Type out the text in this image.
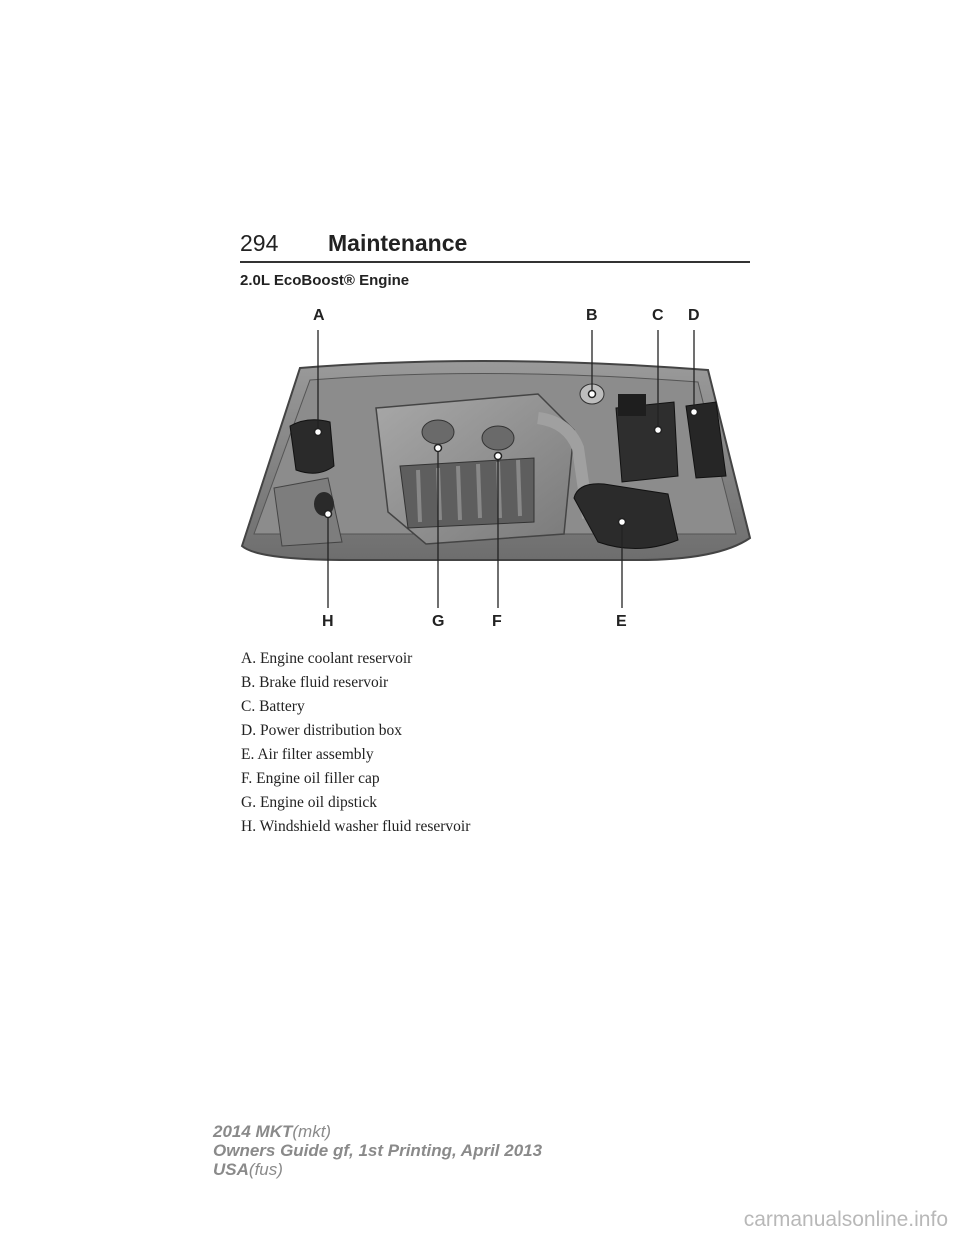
294 Maintenance
2.0L EcoBoost® Engine
A	B	C D
H	G	F	E
A. Engine coolant reservoir
B. Brake fluid reservoir
C. Battery
D. Power distribution box
E. Air filter assembly
F. Engine oil filler cap
G. Engine oil dipstick
H. Windshield washer fluid reservoir
2014 MKT(mkt)
Owners Guide gf, 1st Printing, April 2013
USA(fus)
carmanualsonline.info
